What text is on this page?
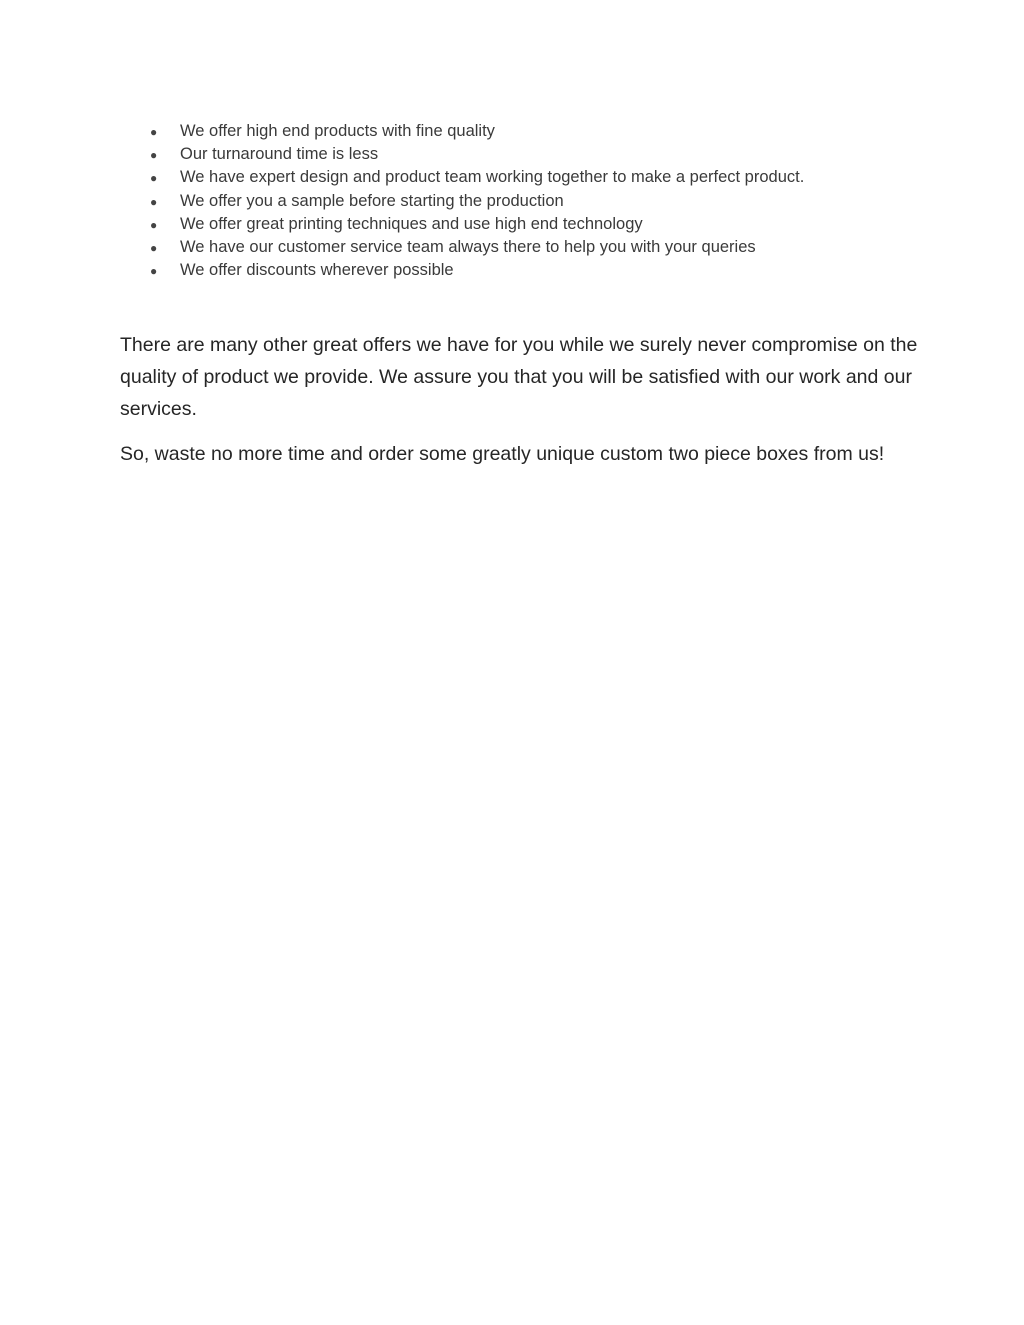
●	We offer high end products with fine quality
●	Our turnaround time is less
●	We have expert design and product team working together to make a perfect product.
●	We offer you a sample before starting the production
●	We offer great printing techniques and use high end technology
●	We have our customer service team always there to help you with your queries
●	We offer discounts wherever possible

There are many other great offers we have for you while we surely never compromise on the quality of product we provide. We assure you that you will be satisfied with our work and our services.

So, waste no more time and order some greatly unique custom two piece boxes from us!
